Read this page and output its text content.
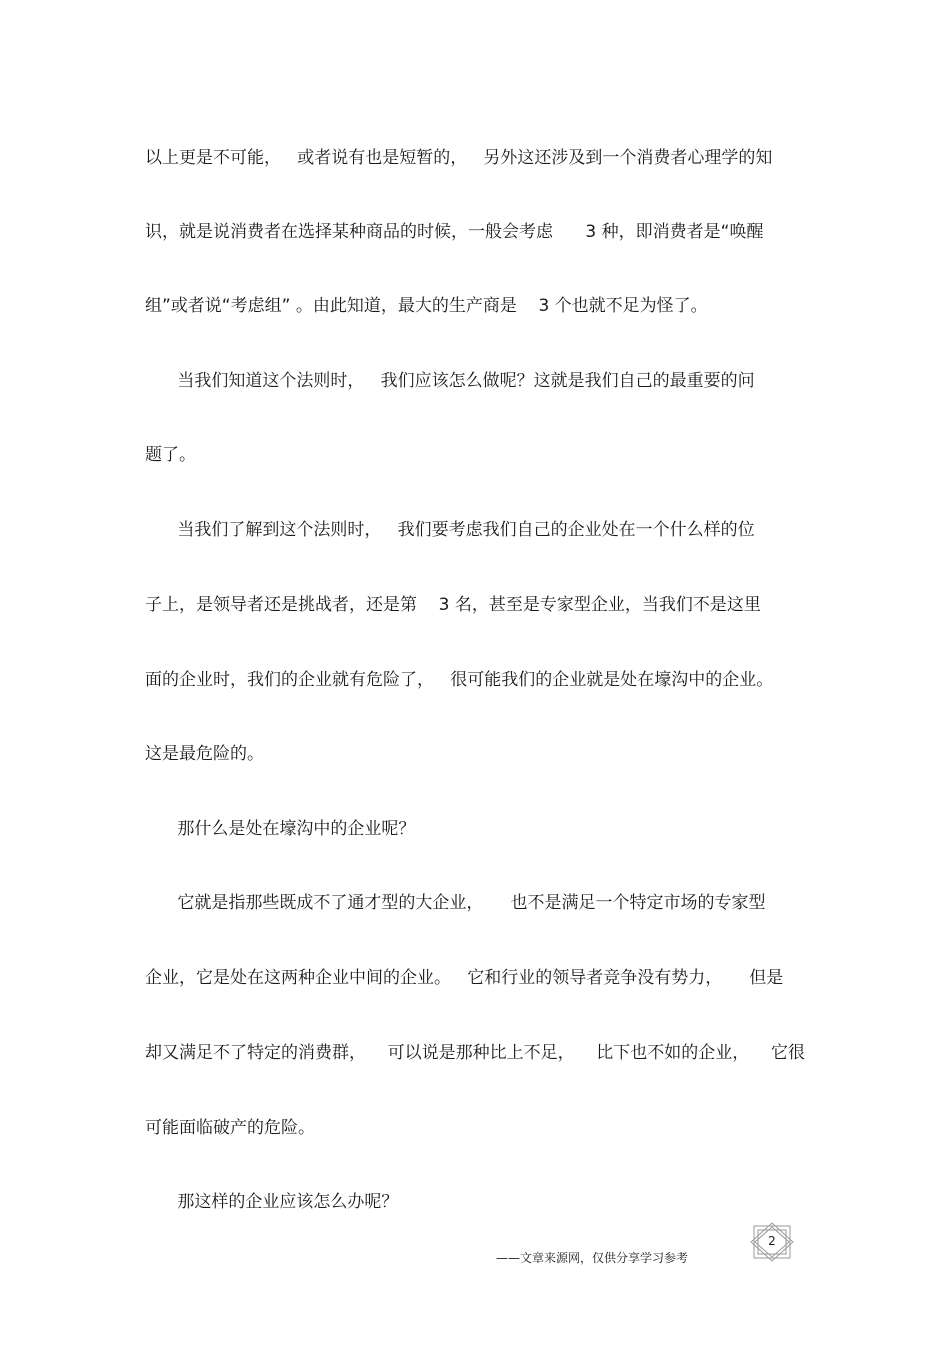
以上更是不可能，   或者说有也是短暂的，   另外这还涉及到一个消费者心理学的知

识，就是说消费者在选择某种商品的时候，一般会考虑      3 种，即消费者是“唤醒

组”或者说“考虑组” 。由此知道，最大的生产商是    3 个也就不足为怪了。

当我们知道这个法则时，   我们应该怎么做呢？这就是我们自己的最重要的问

题了。

当我们了解到这个法则时，   我们要考虑我们自己的企业处在一个什么样的位

子上，是领导者还是挑战者，还是第    3 名，甚至是专家型企业，当我们不是这里

面的企业时，我们的企业就有危险了，   很可能我们的企业就是处在壕沟中的企业。

这是最危险的。

那什么是处在壕沟中的企业呢？

它就是指那些既成不了通才型的大企业，     也不是满足一个特定市场的专家型

企业，它是处在这两种企业中间的企业。   它和行业的领导者竞争没有势力，     但是

却又满足不了特定的消费群，    可以说是那种比上不足，    比下也不如的企业，    它很

可能面临破产的危险。

那这样的企业应该怎么办呢？

——文章来源网，仅供分享学习参考
2
